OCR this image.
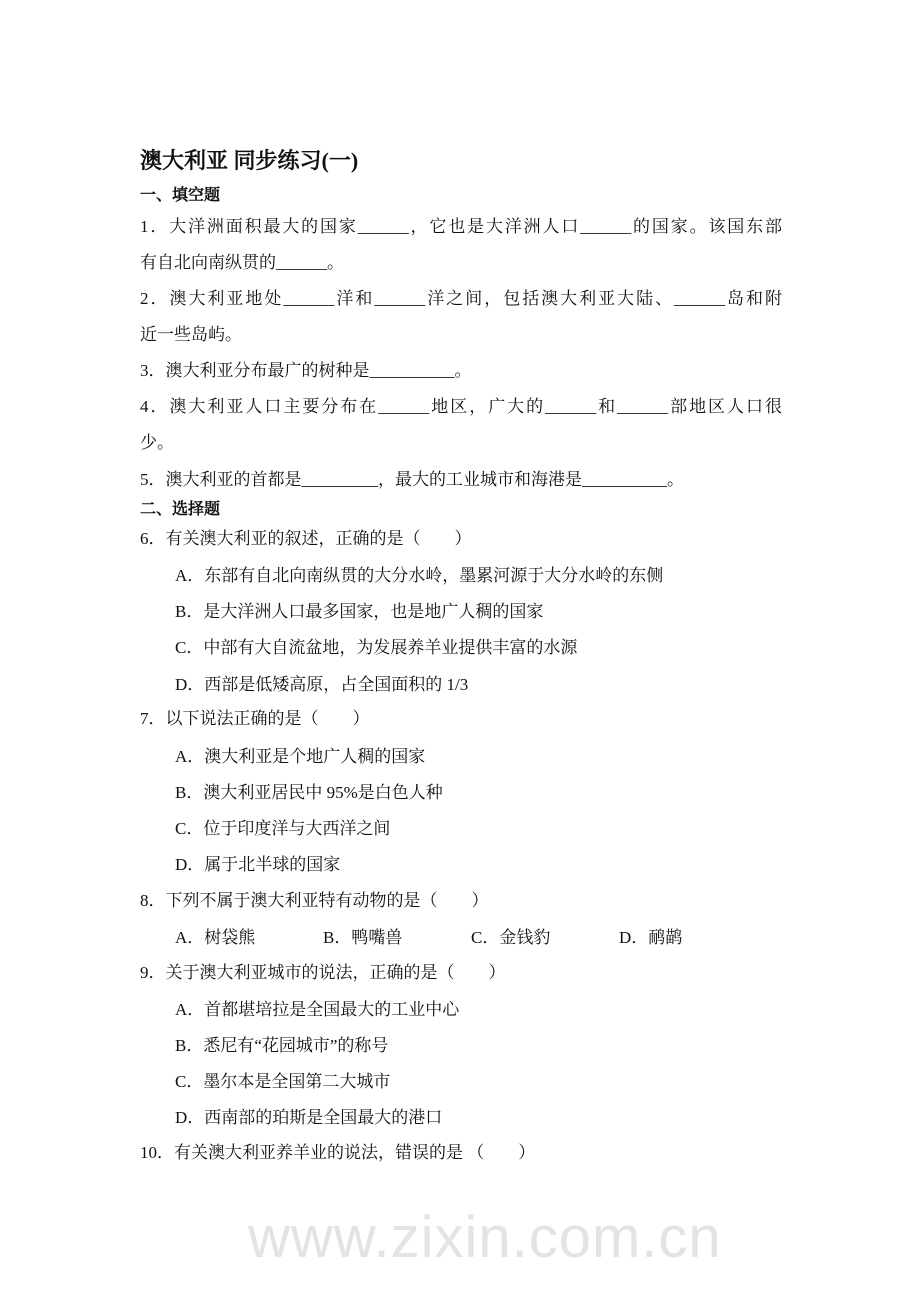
澳大利亚 同步练习(一)
一、填空题
1．大洋洲面积最大的国家______，它也是大洋洲人口______的国家。该国东部
有自北向南纵贯的______。
2．澳大利亚地处______洋和______洋之间，包括澳大利亚大陆、______岛和附
近一些岛屿。
3．澳大利亚分布最广的树种是__________。
4．澳大利亚人口主要分布在______地区，广大的______和______部地区人口很
少。
5．澳大利亚的首都是_________，最大的工业城市和海港是__________。
二、选择题
6．有关澳大利亚的叙述，正确的是（　　）
A．东部有自北向南纵贯的大分水岭，墨累河源于大分水岭的东侧
B．是大洋洲人口最多国家，也是地广人稠的国家
C．中部有大自流盆地，为发展养羊业提供丰富的水源
D．西部是低矮高原，占全国面积的 1/3
7．以下说法正确的是（　　）
A．澳大利亚是个地广人稠的国家
B．澳大利亚居民中 95%是白色人种
C．位于印度洋与大西洋之间
D．属于北半球的国家
8．下列不属于澳大利亚特有动物的是（　　）
A．树袋熊	B．鸭嘴兽	C．金钱豹	D．鸸鹋
9．关于澳大利亚城市的说法，正确的是（　　）
A．首都堪培拉是全国最大的工业中心
B．悉尼有“花园城市”的称号
C．墨尔本是全国第二大城市
D．西南部的珀斯是全国最大的港口
10．有关澳大利亚养羊业的说法，错误的是 （　　）
www.zixin.com.cn
